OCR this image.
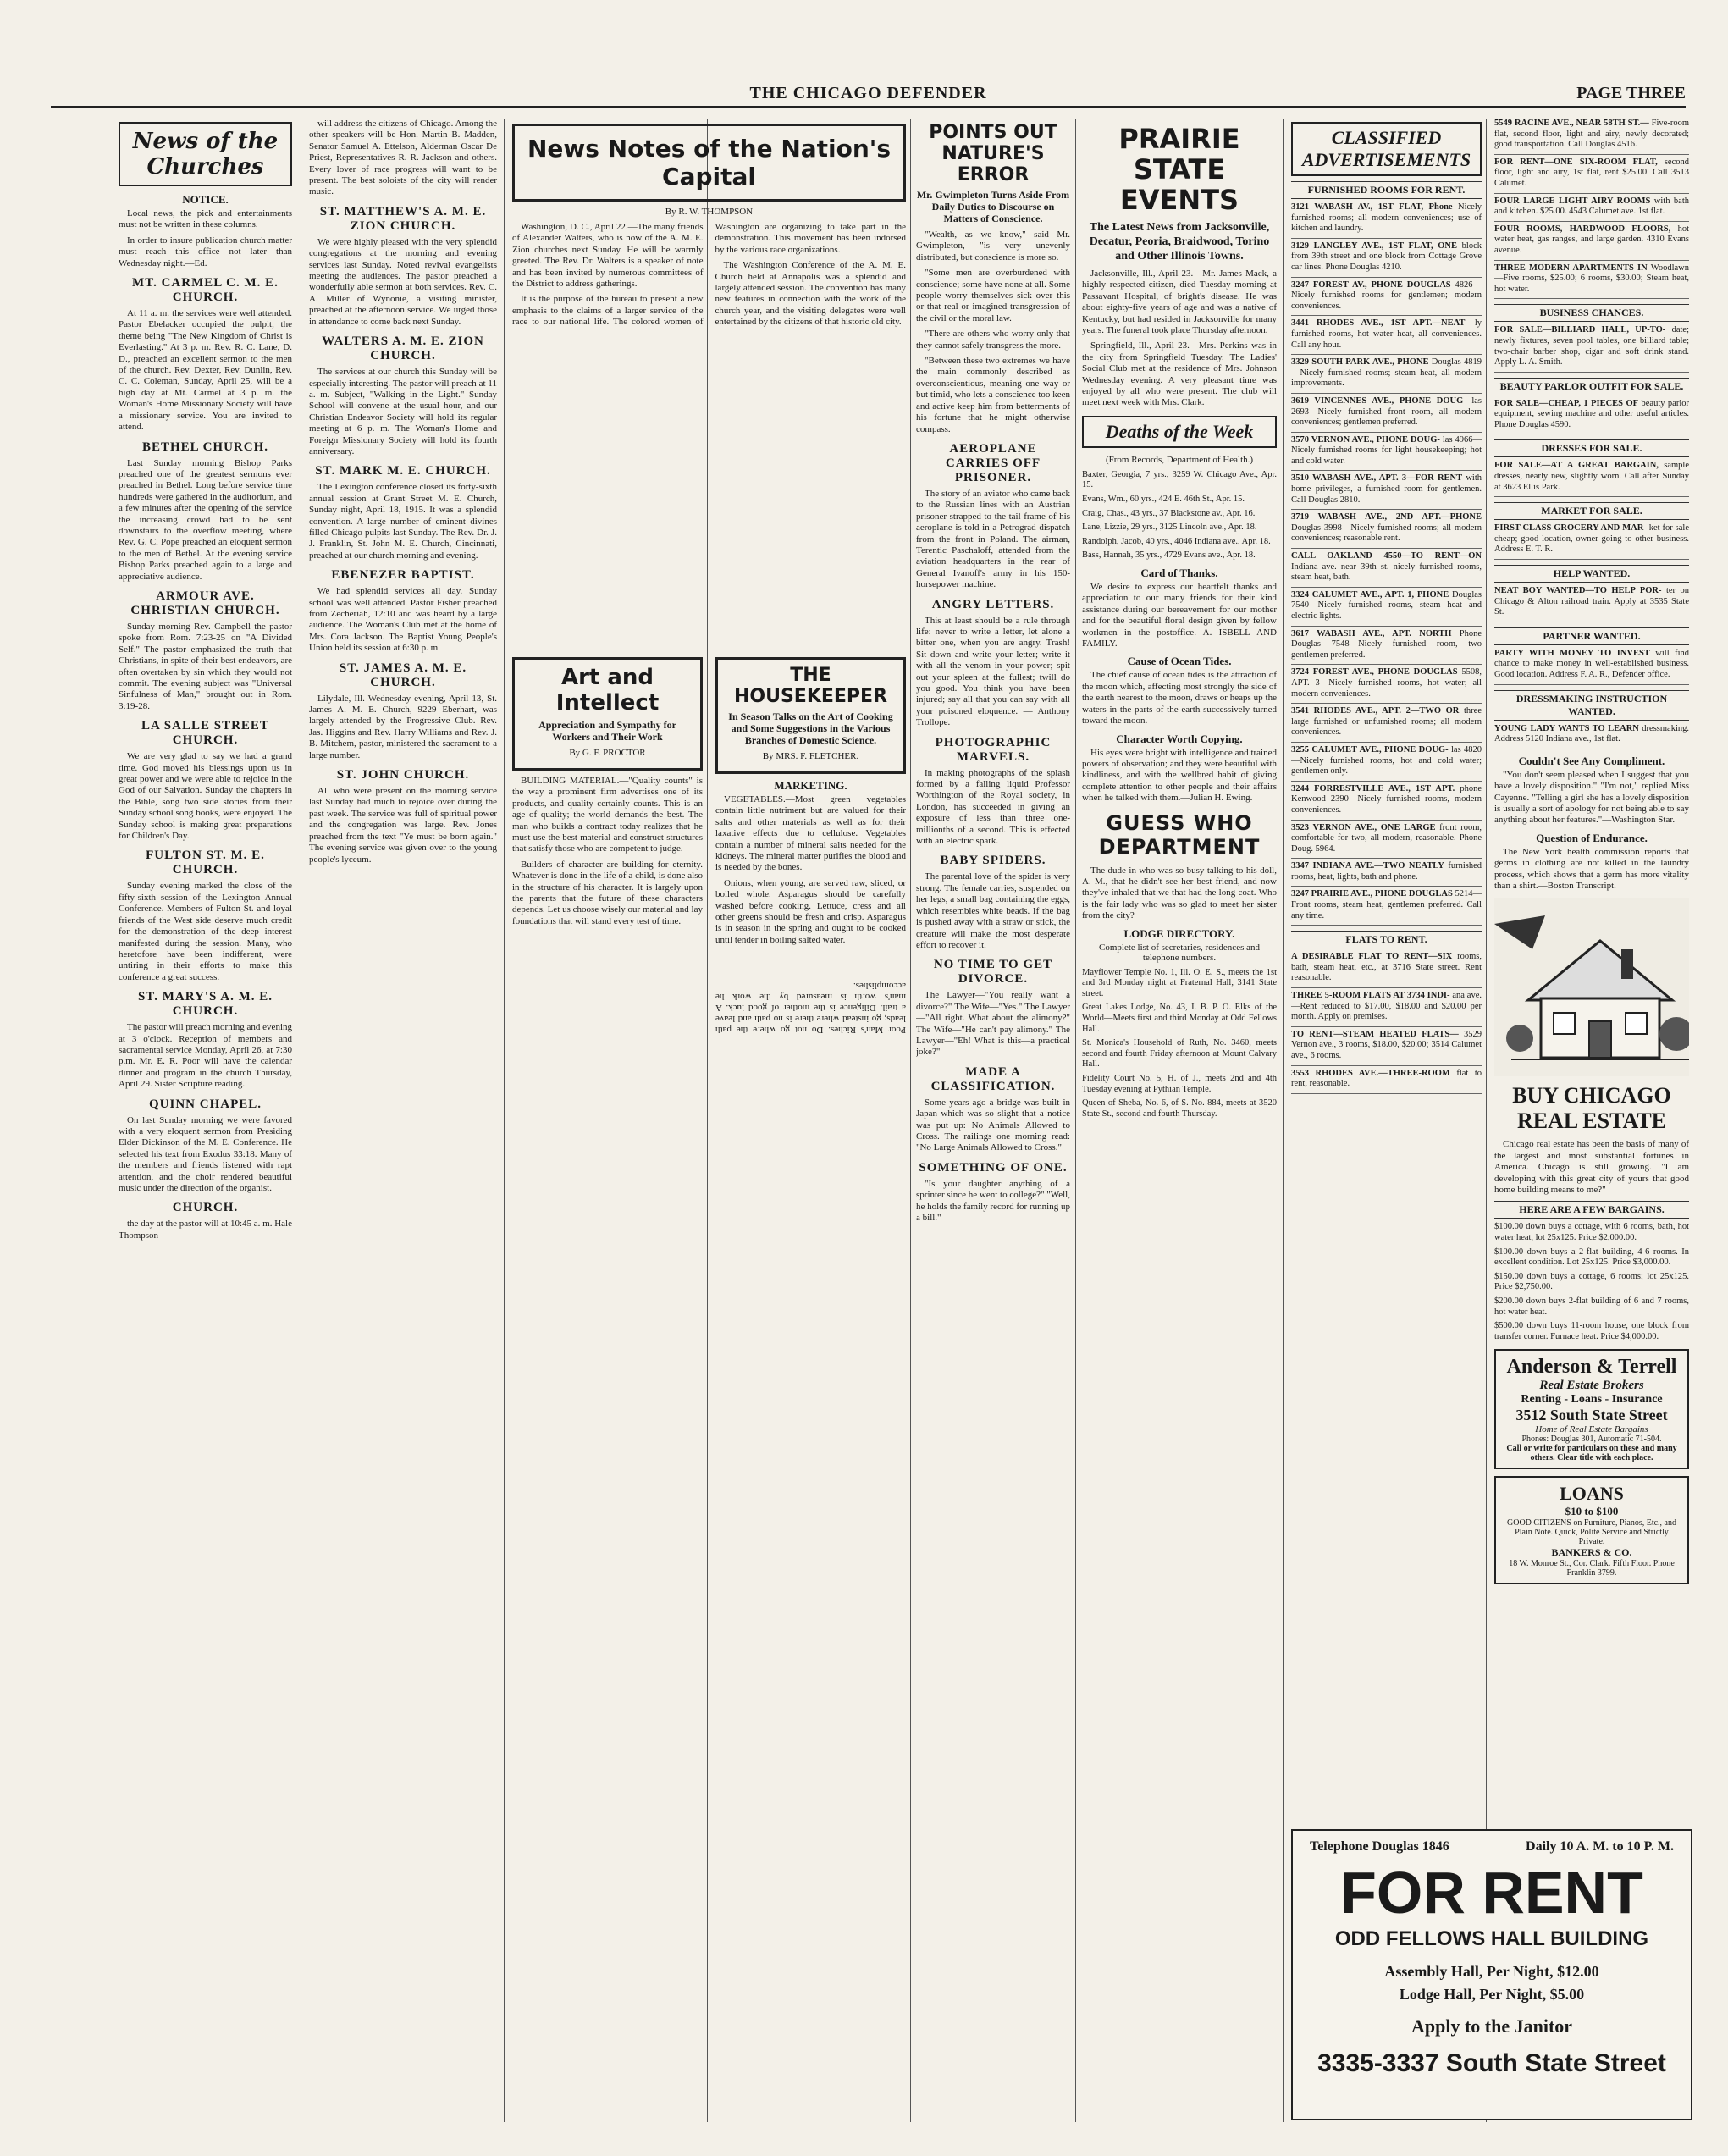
THE CHICAGO DEFENDER	PAGE THREE
News of the Churches
NOTICE.

Local news, the pick and entertainments must not be written in these columns.

In order to insure publication church matter must reach this office not later than Wednesday night.—Ed.

MT. CARMEL C. M. E. CHURCH.

At 11 a. m. the services were well attended. Pastor Ebelacker occupied the pulpit, the theme being "The New Kingdom of Christ is Everlasting." At 3 p. m. Rev. R. C. Lane, D. D., preached an excellent sermon to the men of the church. Rev. Dexter, Rev. Dunlin, Rev. C. C. Coleman, Sunday, April 25, will be a high day at Mt. Carmel at 3 p. m. the Woman's Home Missionary Society will have a missionary service. You are invited to attend.

BETHEL CHURCH.

Last Sunday morning Bishop Parks preached one of the greatest sermons ever preached in Bethel. Long before service time hundreds were gathered in the auditorium, and a few minutes after the opening of the service the increasing crowd had to be sent downstairs to the overflow meeting, where Rev. G. C. Pope preached an eloquent sermon to the men of Bethel. At the evening service Bishop Parks preached again to a large and appreciative audience.

ARMOUR AVE. CHRISTIAN CHURCH.

Sunday morning Rev. Campbell the pastor spoke from Rom. 7:23-25 on "A Divided Self." The pastor emphasized the truth that Christians, in spite of their best endeavors, are often overtaken by sin which they would not commit. The evening subject was "Universal Sinfulness of Man," brought out in Rom. 3:19-28.

LA SALLE STREET CHURCH.

We are very glad to say we had a grand time. God moved his blessings upon us in great power and we were able to rejoice in the God of our Salvation. Sunday the chapters in the Bible, song two side stories from their Sunday school song books, were enjoyed. The Sunday school is making great preparations for Children's Day.

FULTON ST. M. E. CHURCH.

Sunday evening marked the close of the fifty-sixth session of the Lexington Annual Conference. Members of Fulton St. and loyal friends of the West side deserve much credit for the demonstration of the deep interest manifested during the session. Many, who heretofore have been indifferent, were untiring in their efforts to make this conference a great success.

ST. MARY'S A. M. E. CHURCH.

The pastor will preach morning and evening at 3 o'clock. Reception of members and sacramental service Monday, April 26, at 7:30 p.m. Mr. E. R. Poor will have the calendar dinner and program in the church Thursday, April 29. Sister Scripture reading.

QUINN CHAPEL.

On last Sunday morning we were favored with a very eloquent sermon from Presiding Elder Dickinson of the M. E. Conference. He selected his text from Exodus 33:18. Many of the members and friends listened with rapt attention, and the choir rendered beautiful music under the direction of the organist.

CHURCH.

the day at the pastor will at 10:45 a. m. Hale Thompson

will address the citizens of Chicago. Among the other speakers will be Hon. Martin B. Madden, Senator Samuel A. Ettelson, Alderman Oscar De Priest, Representatives R. R. Jackson and others. Every lover of race progress will want to be present. The best soloists of the city will render music.

ST. MATTHEW'S A. M. E. ZION CHURCH.

We were highly pleased with the very splendid congregations at the morning and evening services last Sunday. Noted revival evangelists meeting the audiences. The pastor preached a wonderfully able sermon at both services. Rev. C. A. Miller of Wynonie, a visiting minister, preached at the afternoon service. We urged those in attendance to come back next Sunday.

WALTERS A. M. E. ZION CHURCH.

The services at our church this Sunday will be especially interesting. The pastor will preach at 11 a. m. Subject, "Walking in the Light." Sunday School will convene at the usual hour, and our Christian Endeavor Society will hold its regular meeting at 6 p. m. The Woman's Home and Foreign Missionary Society will hold its fourth anniversary.

ST. MARK M. E. CHURCH.

The Lexington conference closed its forty-sixth annual session at Grant Street M. E. Church, Sunday night, April 18, 1915. It was a splendid convention. A large number of eminent divines filled Chicago pulpits last Sunday. The Rev. Dr. J. J. Franklin, St. John M. E. Church, Cincinnati, preached at our church morning and evening.

EBENEZER BAPTIST.

We had splendid services all day. Sunday school was well attended. Pastor Fisher preached from Zecheriah, 12:10 and was heard by a large audience. The Woman's Club met at the home of Mrs. Cora Jackson. The Baptist Young People's Union held its session at 6:30 p. m.

ST. JAMES A. M. E. CHURCH.

Lilydale, Ill. Wednesday evening, April 13, St. James A. M. E. Church, 9229 Eberhart, was largely attended by the Progressive Club. Rev. Jas. Higgins and Rev. Harry Williams and Rev. J. B. Mitchem, pastor, ministered the sacrament to a large number.

ST. JOHN CHURCH.

All who were present on the morning service last Sunday had much to rejoice over during the past week. The service was full of spiritual power and the congregation was large. Rev. Jones preached from the text "Ye must be born again." The evening service was given over to the young people's lyceum.

News Notes of the Nation's Capital
By R. W. THOMPSON

Washington, D. C., April 22.—The many friends of Alexander Walters, who is now of the A. M. E. Zion churches next Sunday. He will be warmly greeted. The Rev. Dr. Walters is a speaker of note and has been invited by numerous committees of the District to address gatherings.

It is the purpose of the bureau to present a new emphasis to the claims of a larger service of the race to our national life. The colored women of Washington are organizing to take part in the demonstration. This movement has been indorsed by the various race organizations.

The Washington Conference of the A. M. E. Church held at Annapolis was a splendid and largely attended session. The convention has many new features in connection with the work of the church year, and the visiting delegates were well entertained by the citizens of that historic old city.

Art and Intellect
Appreciation and Sympathy for Workers and Their Work
By G. F. PROCTOR

BUILDING MATERIAL.—"Quality counts" is the way a prominent firm advertises one of its products, and quality certainly counts. This is an age of quality; the world demands the best. The man who builds a contract today realizes that he must use the best material and construct structures that satisfy those who are competent to judge.

Builders of character are building for eternity. Whatever is done in the life of a child, is done also in the structure of his character. It is largely upon the parents that the future of these characters depends. Let us choose wisely our material and lay foundations that will stand every test of time.

THE HOUSEKEEPER
In Season Talks on the Art of Cooking and Some Suggestions in the Various Branches of Domestic Science.
By MRS. F. FLETCHER.
MARKETING.

VEGETABLES.—Most green vegetables contain little nutriment but are valued for their salts and other materials as well as for their laxative effects due to cellulose. Vegetables contain a number of mineral salts needed for the kidneys. The mineral matter purifies the blood and is needed by the bones.

Onions, when young, are served raw, sliced, or boiled whole. Asparagus should be carefully washed before cooking. Lettuce, cress and all other greens should be fresh and crisp. Asparagus is in season in the spring and ought to be cooked until tender in boiling salted water.

Poor Man's Riches. Do not go where the path leads; go instead where there is no path and leave a trail. Diligence is the mother of good luck. A man's worth is measured by the work he accomplishes.

POINTS OUT NATURE'S ERROR
Mr. Gwimpleton Turns Aside From Daily Duties to Discourse on Matters of Conscience.

"Wealth, as we know," said Mr. Gwimpleton, "is very unevenly distributed, but conscience is more so.

"Some men are overburdened with conscience; some have none at all. Some people worry themselves sick over this or that real or imagined transgression of the civil or the moral law.

"There are others who worry only that they cannot safely transgress the more.

"Between these two extremes we have the main commonly described as overconscientious, meaning one way or but timid, who lets a conscience too keen and active keep him from betterments of his fortune that he might otherwise compass.

AEROPLANE CARRIES OFF PRISONER.

The story of an aviator who came back to the Russian lines with an Austrian prisoner strapped to the tail frame of his aeroplane is told in a Petrograd dispatch from the front in Poland. The airman, Terentic Paschaloff, attended from the aviation headquarters in the rear of General Ivanoff's army in his 150-horsepower machine.

ANGRY LETTERS.

This at least should be a rule through life: never to write a letter, let alone a bitter one, when you are angry. Trash! Sit down and write your letter; write it with all the venom in your power; spit out your spleen at the fullest; twill do you good. You think you have been injured; say all that you can say with all your poisoned eloquence. — Anthony Trollope.

PHOTOGRAPHIC MARVELS.

In making photographs of the splash formed by a falling liquid Professor Worthington of the Royal society, in London, has succeeded in giving an exposure of less than three one-millionths of a second. This is effected with an electric spark.

BABY SPIDERS.

The parental love of the spider is very strong. The female carries, suspended on her legs, a small bag containing the eggs, which resembles white beads. If the bag is pushed away with a straw or stick, the creature will make the most desperate effort to recover it.

NO TIME TO GET DIVORCE.

The Lawyer—"You really want a divorce?" The Wife—"Yes." The Lawyer—"All right. What about the alimony?" The Wife—"He can't pay alimony." The Lawyer—"Eh! What is this—a practical joke?"

MADE A CLASSIFICATION.

Some years ago a bridge was built in Japan which was so slight that a notice was put up: No Animals Allowed to Cross. The railings one morning read: "No Large Animals Allowed to Cross."

SOMETHING OF ONE.

"Is your daughter anything of a sprinter since he went to college?" "Well, he holds the family record for running up a bill."

PRAIRIE STATE EVENTS
The Latest News from Jacksonville, Decatur, Peoria, Braidwood, Torino and Other Illinois Towns.

Jacksonville, Ill., April 23.—Mr. James Mack, a highly respected citizen, died Tuesday morning at Passavant Hospital, of bright's disease. He was about eighty-five years of age and was a native of Kentucky, but had resided in Jacksonville for many years. The funeral took place Thursday afternoon.

Springfield, Ill., April 23.—Mrs. Perkins was in the city from Springfield Tuesday. The Ladies' Social Club met at the residence of Mrs. Johnson Wednesday evening. A very pleasant time was enjoyed by all who were present. The club will meet next week with Mrs. Clark.

Deaths of the Week
(From Records, Department of Health.)

Baxter, Georgia, 7 yrs., 3259 W. Chicago Ave., Apr. 15.

Evans, Wm., 60 yrs., 424 E. 46th St., Apr. 15.

Craig, Chas., 43 yrs., 37 Blackstone av., Apr. 16.

Lane, Lizzie, 29 yrs., 3125 Lincoln ave., Apr. 18.

Randolph, Jacob, 40 yrs., 4046 Indiana ave., Apr. 18.

Bass, Hannah, 35 yrs., 4729 Evans ave., Apr. 18.

Card of Thanks.

We desire to express our heartfelt thanks and appreciation to our many friends for their kind assistance during our bereavement for our mother and for the beautiful floral design given by fellow workmen in the postoffice. A. ISBELL AND FAMILY.

Cause of Ocean Tides.

The chief cause of ocean tides is the attraction of the moon which, affecting most strongly the side of the earth nearest to the moon, draws or heaps up the waters in the parts of the earth successively turned toward the moon.

Character Worth Copying.

His eyes were bright with intelligence and trained powers of observation; and they were beautiful with kindliness, and with the wellbred habit of giving complete attention to other people and their affairs when he talked with them.—Julian H. Ewing.

GUESS WHO DEPARTMENT

The dude in who was so busy talking to his doll, A. M., that he didn't see her best friend, and now they've inhaled that we that had the long coat. Who is the fair lady who was so glad to meet her sister from the city?

LODGE DIRECTORY.
Complete list of secretaries, residences and telephone numbers.

Mayflower Temple No. 1, Ill. O. E. S., meets the 1st and 3rd Monday night at Fraternal Hall, 3141 State street.

Great Lakes Lodge, No. 43, I. B. P. O. Elks of the World—Meets first and third Monday at Odd Fellows Hall.

St. Monica's Household of Ruth, No. 3460, meets second and fourth Friday afternoon at Mount Calvary Hall.

Fidelity Court No. 5, H. of J., meets 2nd and 4th Tuesday evening at Pythian Temple.

Queen of Sheba, No. 6, of S. No. 884, meets at 3520 State St., second and fourth Thursday.

CLASSIFIED ADVERTISEMENTS
FURNISHED ROOMS FOR RENT.

3121 WABASH AV., 1ST FLAT, Phone Nicely furnished rooms; all modern conveniences; use of kitchen and laundry.

3129 LANGLEY AVE., 1ST FLAT, ONE block from 39th street and one block from Cottage Grove car lines. Phone Douglas 4210.

3247 FOREST AV., PHONE DOUGLAS 4826—Nicely furnished rooms for gentlemen; modern conveniences.

3441 RHODES AVE., 1ST APT.—NEAT- ly furnished rooms, hot water heat, all conveniences. Call any hour.

3329 SOUTH PARK AVE., PHONE Douglas 4819—Nicely furnished rooms; steam heat, all modern improvements.

3619 VINCENNES AVE., PHONE DOUG- las 2693—Nicely furnished front room, all modern conveniences; gentlemen preferred.

3570 VERNON AVE., PHONE DOUG- las 4966—Nicely furnished rooms for light housekeeping; hot and cold water.

3510 WABASH AVE., APT. 3—FOR RENT with home privileges, a furnished room for gentlemen. Call Douglas 2810.

3719 WABASH AVE., 2ND APT.—PHONE Douglas 3998—Nicely furnished rooms; all modern conveniences; reasonable rent.

CALL OAKLAND 4550—TO RENT—ON Indiana ave. near 39th st. nicely furnished rooms, steam heat, bath.

3324 CALUMET AVE., APT. 1, PHONE Douglas 7540—Nicely furnished rooms, steam heat and electric lights.

3617 WABASH AVE., APT. NORTH Phone Douglas 7548—Nicely furnished room, two gentlemen preferred.

3724 FOREST AVE., PHONE DOUGLAS 5508, APT. 3—Nicely furnished rooms, hot water; all modern conveniences.

3541 RHODES AVE., APT. 2—TWO OR three large furnished or unfurnished rooms; all modern conveniences.

3255 CALUMET AVE., PHONE DOUG- las 4820—Nicely furnished rooms, hot and cold water; gentlemen only.

3244 FORRESTVILLE AVE., 1ST APT. phone Kenwood 2390—Nicely furnished rooms, modern conveniences.

3523 VERNON AVE., ONE LARGE front room, comfortable for two, all modern, reasonable. Phone Doug. 5964.

3347 INDIANA AVE.—TWO NEATLY furnished rooms, heat, lights, bath and phone.

3247 PRAIRIE AVE., PHONE DOUGLAS 5214—Front rooms, steam heat, gentlemen preferred. Call any time.

FLATS TO RENT.

A DESIRABLE FLAT TO RENT—SIX rooms, bath, steam heat, etc., at 3716 State street. Rent reasonable.

THREE 5-ROOM FLATS AT 3734 INDI- ana ave.—Rent reduced to $17.00, $18.00 and $20.00 per month. Apply on premises.

TO RENT—STEAM HEATED FLATS— 3529 Vernon ave., 3 rooms, $18.00, $20.00; 3514 Calumet ave., 6 rooms.

3553 RHODES AVE.—THREE-ROOM flat to rent, reasonable.

5549 RACINE AVE., NEAR 58TH ST.— Five-room flat, second floor, light and airy, newly decorated; good transportation. Call Douglas 4516.

FOR RENT—ONE SIX-ROOM FLAT, second floor, light and airy, 1st flat, rent $25.00. Call 3513 Calumet.

FOUR LARGE LIGHT AIRY ROOMS with bath and kitchen. $25.00. 4543 Calumet ave. 1st flat.

FOUR ROOMS, HARDWOOD FLOORS, hot water heat, gas ranges, and large garden. 4310 Evans avenue.

THREE MODERN APARTMENTS IN Woodlawn—Five rooms, $25.00; 6 rooms, $30.00; Steam heat, hot water.

BUSINESS CHANCES.

FOR SALE—BILLIARD HALL, UP-TO- date; newly fixtures, seven pool tables, one billiard table; two-chair barber shop, cigar and soft drink stand. Apply L. A. Smith.

BEAUTY PARLOR OUTFIT FOR SALE.

FOR SALE—CHEAP, 1 PIECES OF beauty parlor equipment, sewing machine and other useful articles. Phone Douglas 4590.

DRESSES FOR SALE.

FOR SALE—AT A GREAT BARGAIN, sample dresses, nearly new, slightly worn. Call after Sunday at 3623 Ellis Park.

MARKET FOR SALE.

FIRST-CLASS GROCERY AND MAR- ket for sale cheap; good location, owner going to other business. Address E. T. R.

HELP WANTED.

NEAT BOY WANTED—TO HELP POR- ter on Chicago & Alton railroad train. Apply at 3535 State St.

PARTNER WANTED.

PARTY WITH MONEY TO INVEST will find chance to make money in well-established business. Good location. Address F. A. R., Defender office.

DRESSMAKING INSTRUCTION WANTED.

YOUNG LADY WANTS TO LEARN dressmaking. Address 5120 Indiana ave., 1st flat.

Couldn't See Any Compliment.

"You don't seem pleased when I suggest that you have a lovely disposition." "I'm not," replied Miss Cayenne. "Telling a girl she has a lovely disposition is usually a sort of apology for not being able to say anything about her features."—Washington Star.

Question of Endurance.

The New York health commission reports that germs in clothing are not killed in the laundry process, which shows that a germ has more vitality than a shirt.—Boston Transcript.

BUY CHICAGO REAL ESTATE

Chicago real estate has been the basis of many of the largest and most substantial fortunes in America. Chicago is still growing. "I am developing with this great city of yours that good home building means to me?"

HERE ARE A FEW BARGAINS.

$100.00 down buys a cottage, with 6 rooms, bath, hot water heat, lot 25x125. Price $2,000.00.

$100.00 down buys a 2-flat building, 4-6 rooms. In excellent condition. Lot 25x125. Price $3,000.00.

$150.00 down buys a cottage, 6 rooms; lot 25x125. Price $2,750.00.

$200.00 down buys 2-flat building of 6 and 7 rooms, hot water heat.

$500.00 down buys 11-room house, one block from transfer corner. Furnace heat. Price $4,000.00.

Anderson & Terrell
Real Estate Brokers
Renting - Loans - Insurance
3512 South State Street
Home of Real Estate Bargains
Phones: Douglas 301, Automatic 71-504.
Call or write for particulars on these and many others. Clear title with each place.
LOANS
$10 to $100
GOOD CITIZENS on Furniture, Pianos, Etc., and Plain Note. Quick, Polite Service and Strictly Private.
BANKERS & CO.
18 W. Monroe St., Cor. Clark. Fifth Floor. Phone Franklin 3799.
Telephone Douglas 1846	Daily 10 A. M. to 10 P. M.
FOR RENT
ODD FELLOWS HALL BUILDING
Assembly Hall, Per Night, $12.00
Lodge Hall, Per Night, $5.00
Apply to the Janitor
3335-3337 South State Street
